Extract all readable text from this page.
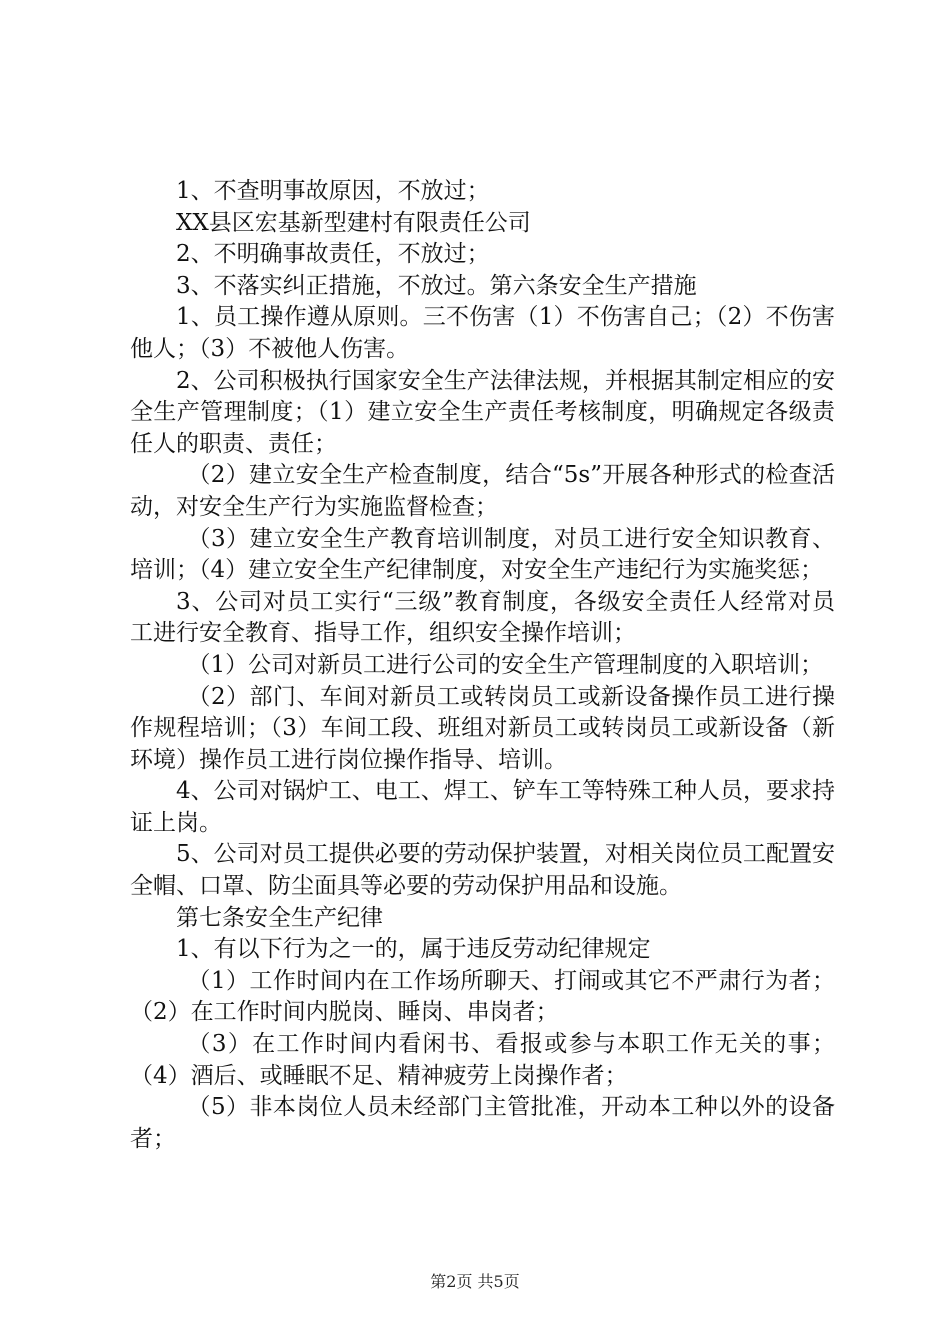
1、不查明事故原因，不放过；

XX县区宏基新型建村有限责任公司

2、不明确事故责任，不放过；

3、不落实纠正措施，不放过。第六条安全生产措施

1、员工操作遵从原则。三不伤害（1）不伤害自己；（2）不伤害他人；（3）不被他人伤害。

2、公司积极执行国家安全生产法律法规，并根据其制定相应的安全生产管理制度；（1）建立安全生产责任考核制度，明确规定各级责任人的职责、责任；

（2）建立安全生产检查制度，结合“5s”开展各种形式的检查活动，对安全生产行为实施监督检查；

（3）建立安全生产教育培训制度，对员工进行安全知识教育、培训；（4）建立安全生产纪律制度，对安全生产违纪行为实施奖惩；

3、公司对员工实行“三级”教育制度，各级安全责任人经常对员工进行安全教育、指导工作，组织安全操作培训；

（1）公司对新员工进行公司的安全生产管理制度的入职培训；

（2）部门、车间对新员工或转岗员工或新设备操作员工进行操作规程培训；（3）车间工段、班组对新员工或转岗员工或新设备（新环境）操作员工进行岗位操作指导、培训。

4、公司对锅炉工、电工、焊工、铲车工等特殊工种人员，要求持证上岗。

5、公司对员工提供必要的劳动保护装置，对相关岗位员工配置安全帽、口罩、防尘面具等必要的劳动保护用品和设施。

第七条安全生产纪律

1、有以下行为之一的，属于违反劳动纪律规定

（1）工作时间内在工作场所聊天、打闹或其它不严肃行为者；（2）在工作时间内脱岗、睡岗、串岗者；

（3）在工作时间内看闲书、看报或参与本职工作无关的事；（4）酒后、或睡眠不足、精神疲劳上岗操作者；

（5）非本岗位人员未经部门主管批准，开动本工种以外的设备者；

第2页 共5页
